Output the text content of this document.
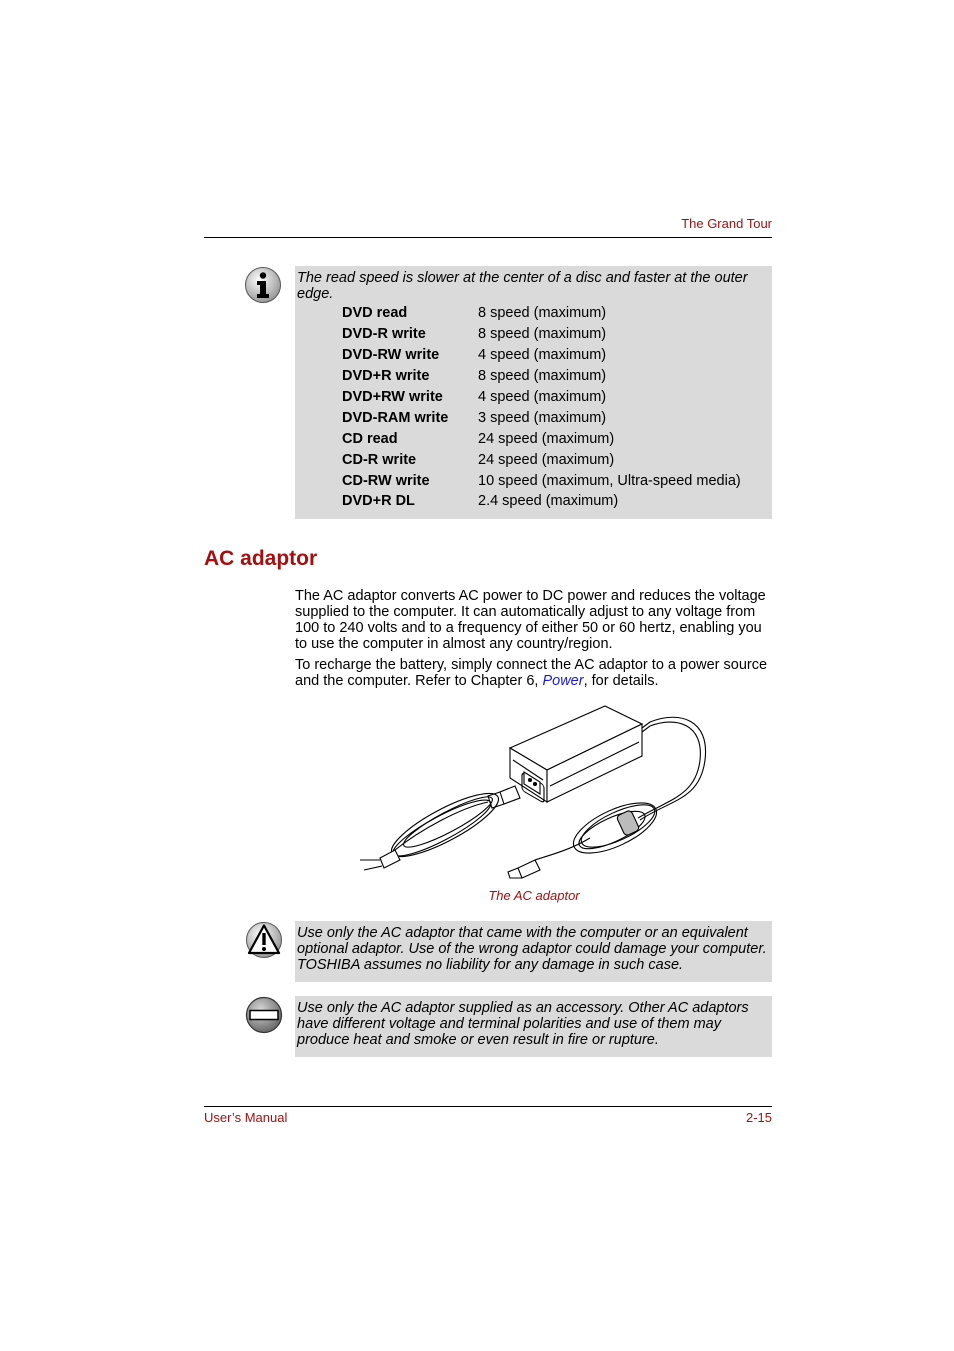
The Grand Tour
The read speed is slower at the center of a disc and faster at the outer edge.
DVD read	8 speed (maximum)
DVD-R write	8 speed (maximum)
DVD-RW write	4 speed (maximum)
DVD+R write	8 speed (maximum)
DVD+RW write	4 speed (maximum)
DVD-RAM write	3 speed (maximum)
CD read	24 speed (maximum)
CD-R write	24 speed (maximum)
CD-RW write	10 speed (maximum, Ultra-speed media)
DVD+R DL	2.4 speed (maximum)
AC adaptor
The AC adaptor converts AC power to DC power and reduces the voltage supplied to the computer. It can automatically adjust to any voltage from 100 to 240 volts and to a frequency of either 50 or 60 hertz, enabling you to use the computer in almost any country/region.
To recharge the battery, simply connect the AC adaptor to a power source and the computer. Refer to Chapter 6, Power, for details.
The AC adaptor
Use only the AC adaptor that came with the computer or an equivalent optional adaptor. Use of the wrong adaptor could damage your computer. TOSHIBA assumes no liability for any damage in such case.
Use only the AC adaptor supplied as an accessory. Other AC adaptors have different voltage and terminal polarities and use of them may produce heat and smoke or even result in fire or rupture.
User’s Manual	2-15
